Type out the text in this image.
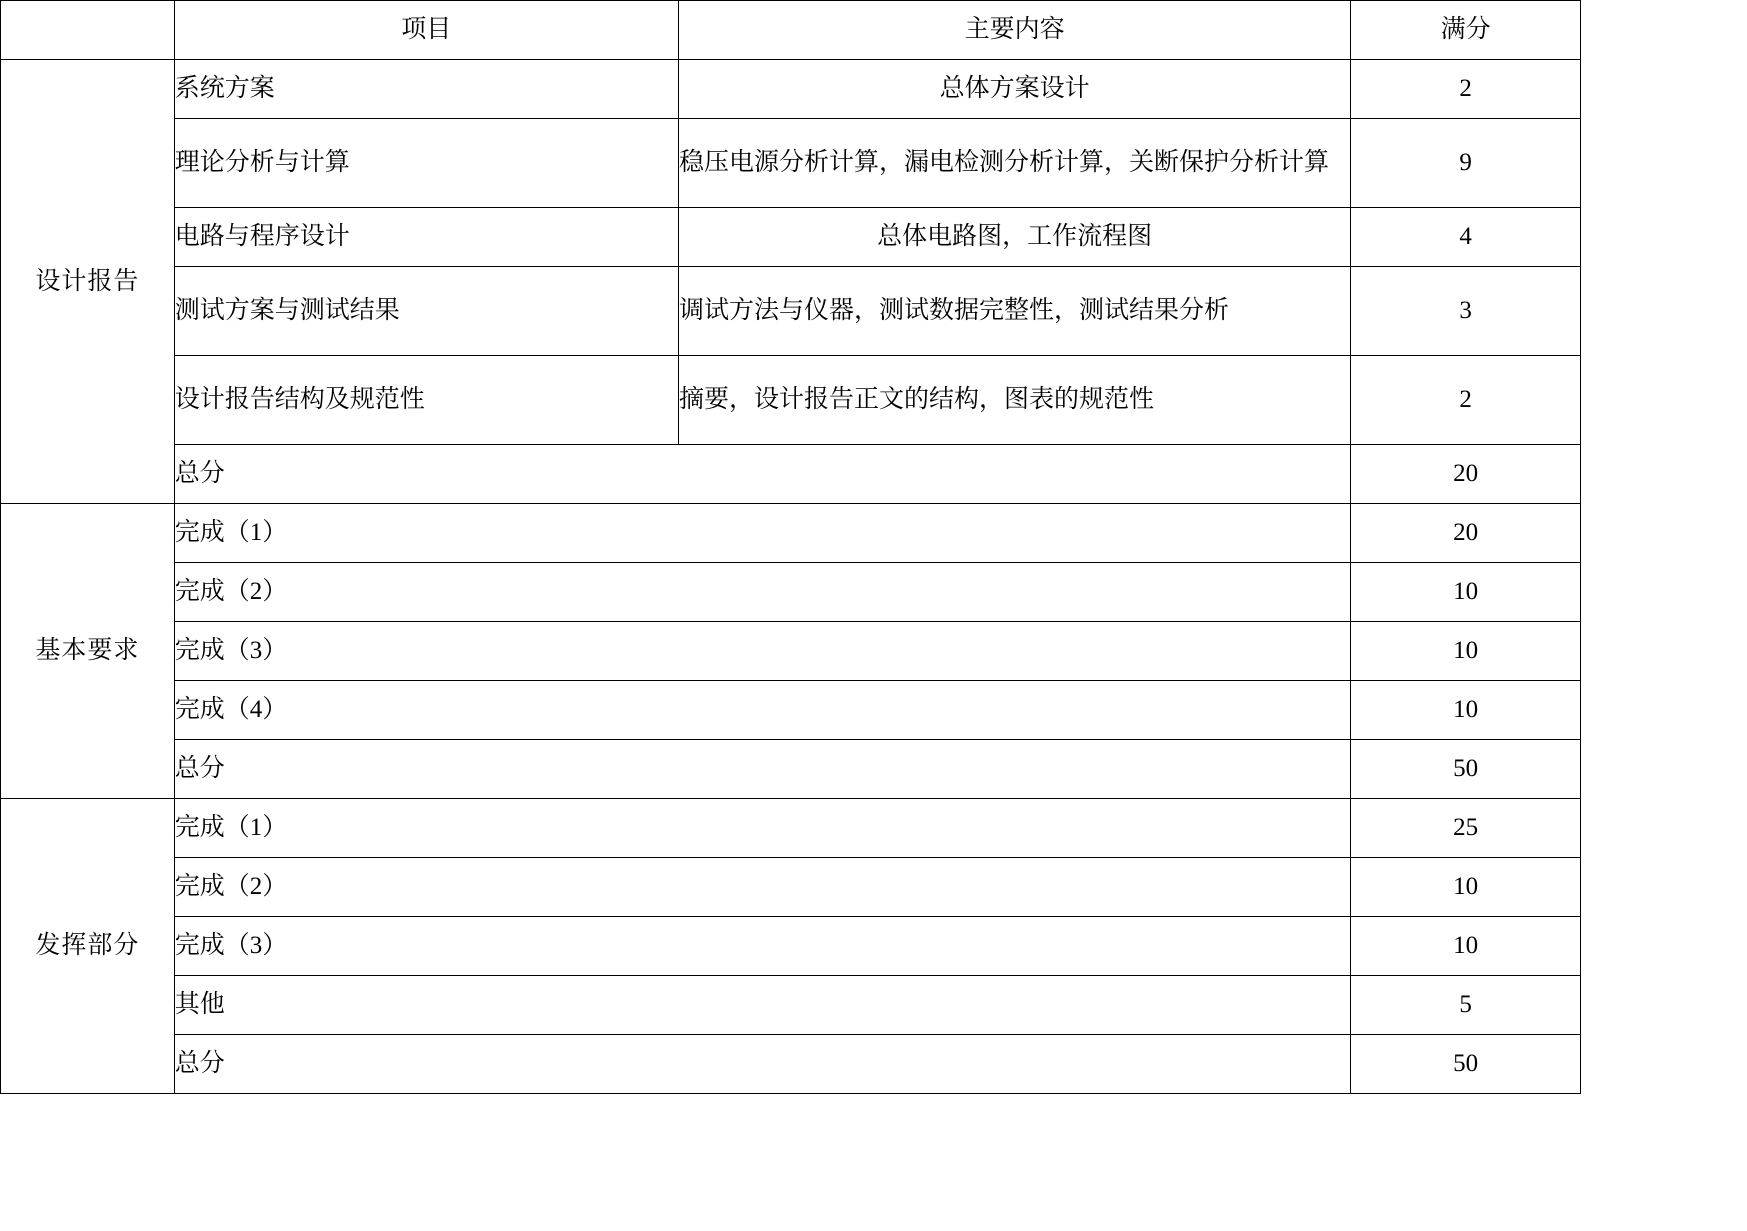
	项目	主要内容	满分
设计报告	系统方案	总体方案设计	2
	理论分析与计算	稳压电源分析计算，漏电检测分析计算，关断保护分析计算	9
	电路与程序设计	总体电路图，工作流程图	4
	测试方案与测试结果	调试方法与仪器，测试数据完整性，测试结果分析	3
	设计报告结构及规范性	摘要，设计报告正文的结构，图表的规范性	2
	总分		20
基本要求	完成（1）		20
	完成（2）		10
	完成（3）		10
	完成（4）		10
	总分		50
发挥部分	完成（1）		25
	完成（2）		10
	完成（3）		10
	其他		5
	总分		50
